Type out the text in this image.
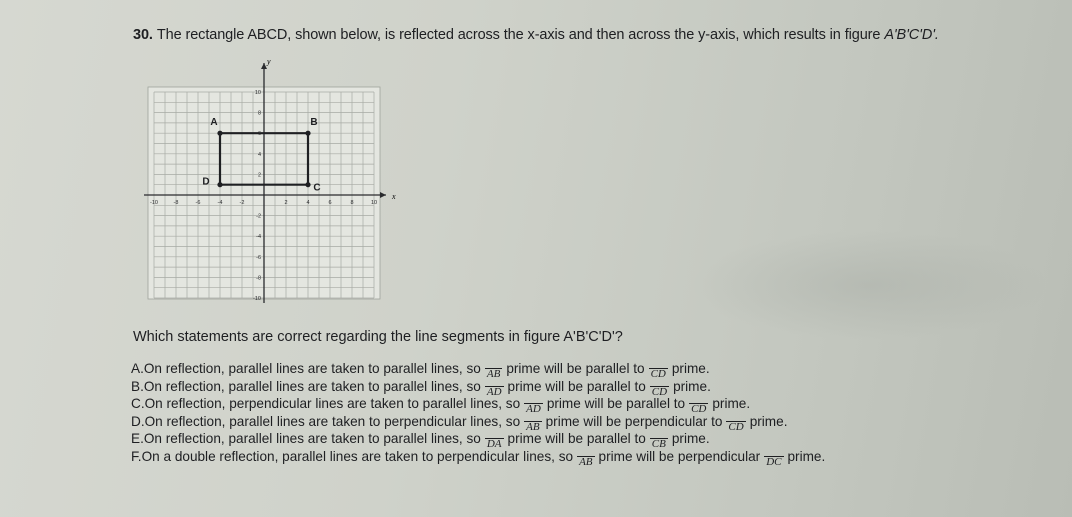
30. The rectangle ABCD, shown below, is reflected across the x-axis and then across the y-axis, which results in figure A'B'C'D'.
x
y
-10	-8	-6	-4	-2	2	4	6	8	10
10
8
6
4
2
-2
-4
-6
-8
-10
A	B
C
D
Which statements are correct regarding the line segments in figure A'B'C'D'?
A.On reflection, parallel lines are taken to parallel lines, so AB prime will be parallel to CD prime.
B.On reflection, parallel lines are taken to parallel lines, so AD prime will be parallel to CD prime.
C.On reflection, perpendicular lines are taken to parallel lines, so AD prime will be parallel to CD prime.
D.On reflection, parallel lines are taken to perpendicular lines, so AB prime will be perpendicular to CD prime.
E.On reflection, parallel lines are taken to parallel lines, so DA prime will be parallel to CB prime.
F.On a double reflection, parallel lines are taken to perpendicular lines, so AB prime will be perpendicular DC prime.
